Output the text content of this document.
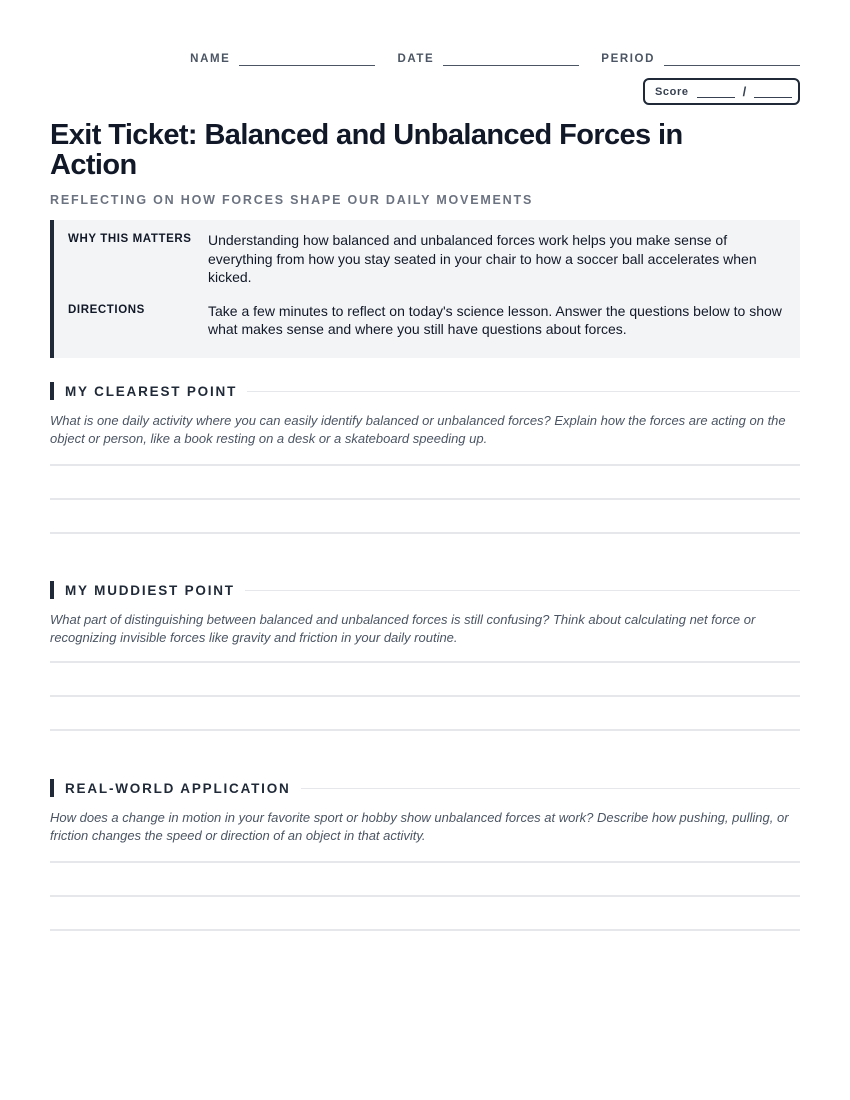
NAME	DATE	PERIOD
Score	/
Exit Ticket: Balanced and Unbalanced Forces in Action

REFLECTING ON HOW FORCES SHAPE OUR DAILY MOVEMENTS

WHY THIS MATTERS	Understanding how balanced and unbalanced forces work helps you make sense of everything from how you stay seated in your chair to how a soccer ball accelerates when kicked.
DIRECTIONS	Take a few minutes to reflect on today's science lesson. Answer the questions below to show what makes sense and where you still have questions about forces.
MY CLEAREST POINT
What is one daily activity where you can easily identify balanced or unbalanced forces? Explain how the forces are acting on the object or person, like a book resting on a desk or a skateboard speeding up.
MY MUDDIEST POINT
What part of distinguishing between balanced and unbalanced forces is still confusing? Think about calculating net force or recognizing invisible forces like gravity and friction in your daily routine.
REAL-WORLD APPLICATION
How does a change in motion in your favorite sport or hobby show unbalanced forces at work? Describe how pushing, pulling, or friction changes the speed or direction of an object in that activity.
